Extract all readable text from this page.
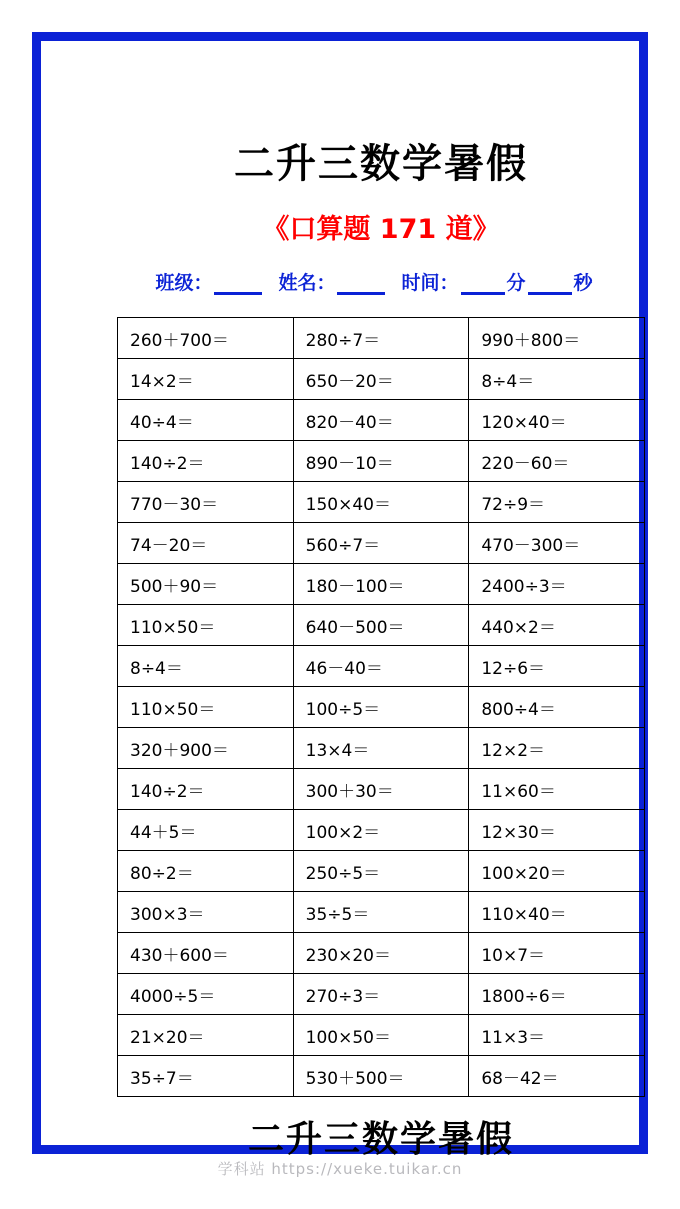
二升三数学暑假
《口算题 171 道》
班级：	姓名：	时间：	分	秒
260＋700＝	280÷7＝	990＋800＝
14×2＝	650－20＝	8÷4＝
40÷4＝	820－40＝	120×40＝
140÷2＝	890－10＝	220－60＝
770－30＝	150×40＝	72÷9＝
74－20＝	560÷7＝	470－300＝
500＋90＝	180－100＝	2400÷3＝
110×50＝	640－500＝	440×2＝
8÷4＝	46－40＝	12÷6＝
110×50＝	100÷5＝	800÷4＝
320＋900＝	13×4＝	12×2＝
140÷2＝	300＋30＝	11×60＝
44＋5＝	100×2＝	12×30＝
80÷2＝	250÷5＝	100×20＝
300×3＝	35÷5＝	110×40＝
430＋600＝	230×20＝	10×7＝
4000÷5＝	270÷3＝	1800÷6＝
21×20＝	100×50＝	11×3＝
35÷7＝	530＋500＝	68－42＝
二升三数学暑假
学科站 https://xueke.tuikar.cn
